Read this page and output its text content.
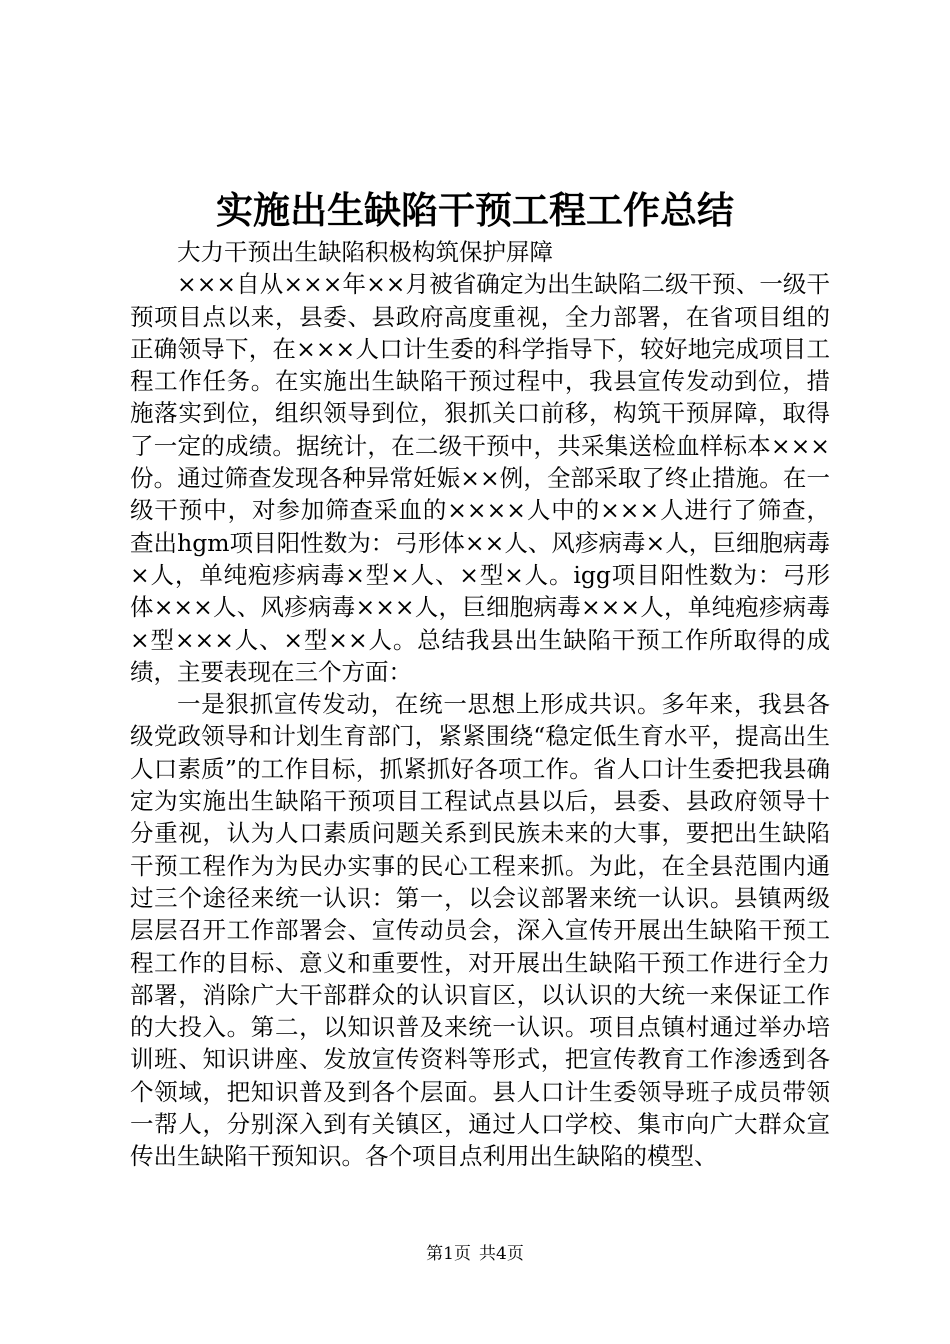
实施出生缺陷干预工程工作总结

大力干预出生缺陷积极构筑保护屏障

×××自从×××年××月被省确定为出生缺陷二级干预、一级干预项目点以来，县委、县政府高度重视，全力部署，在省项目组的正确领导下，在×××人口计生委的科学指导下，较好地完成项目工程工作任务。在实施出生缺陷干预过程中，我县宣传发动到位，措施落实到位，组织领导到位，狠抓关口前移，构筑干预屏障，取得了一定的成绩。据统计，在二级干预中，共采集送检血样标本×××份。通过筛查发现各种异常妊娠××例，全部采取了终止措施。在一级干预中，对参加筛查采血的××××人中的×××人进行了筛查，查出hgm项目阳性数为：弓形体××人、风疹病毒×人，巨细胞病毒×人，单纯疱疹病毒×型×人、×型×人。igg项目阳性数为：弓形体×××人、风疹病毒×××人，巨细胞病毒×××人，单纯疱疹病毒×型×××人、×型××人。总结我县出生缺陷干预工作所取得的成绩，主要表现在三个方面：

一是狠抓宣传发动，在统一思想上形成共识。多年来，我县各级党政领导和计划生育部门，紧紧围绕“稳定低生育水平，提高出生人口素质”的工作目标，抓紧抓好各项工作。省人口计生委把我县确定为实施出生缺陷干预项目工程试点县以后，县委、县政府领导十分重视，认为人口素质问题关系到民族未来的大事，要把出生缺陷干预工程作为为民办实事的民心工程来抓。为此，在全县范围内通过三个途径来统一认识：第一，以会议部署来统一认识。县镇两级层层召开工作部署会、宣传动员会，深入宣传开展出生缺陷干预工程工作的目标、意义和重要性，对开展出生缺陷干预工作进行全力部署，消除广大干部群众的认识盲区，以认识的大统一来保证工作的大投入。第二，以知识普及来统一认识。项目点镇村通过举办培训班、知识讲座、发放宣传资料等形式，把宣传教育工作渗透到各个领域，把知识普及到各个层面。县人口计生委领导班子成员带领一帮人，分别深入到有关镇区，通过人口学校、集市向广大群众宣传出生缺陷干预知识。各个项目点利用出生缺陷的模型、

第1页 共4页
